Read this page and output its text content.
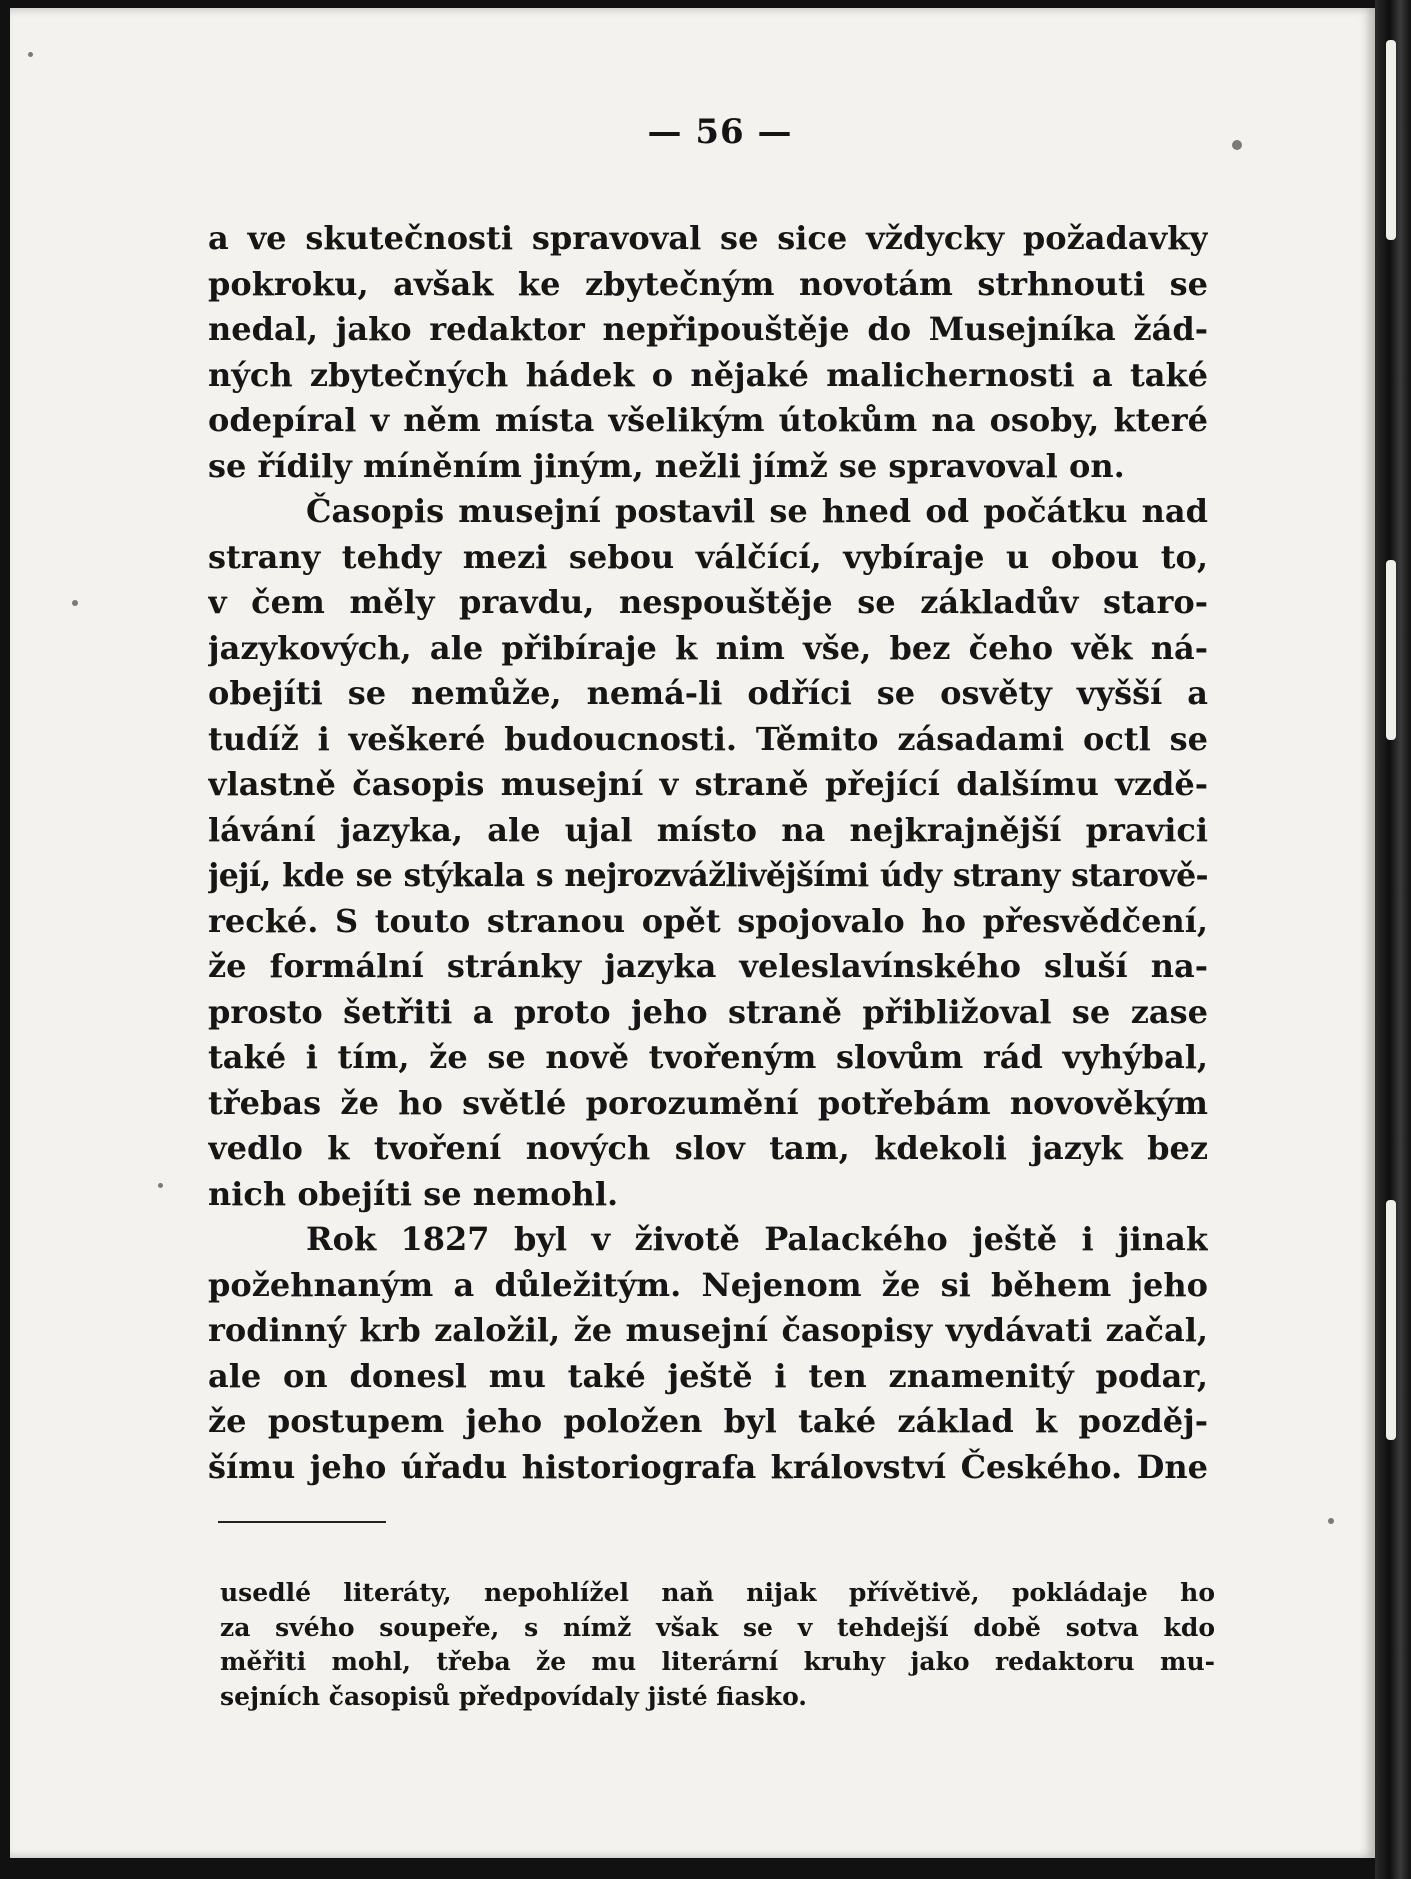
— 56 —
a ve skutečnosti spravoval se sice vždycky požadavky
pokroku, avšak ke zbytečným novotám strhnouti se
nedal, jako redaktor nepřipouštěje do Musejníka žád-
ných zbytečných hádek o nějaké malichernosti a také
odepíral v něm místa všelikým útokům na osoby, které
se řídily míněním jiným, nežli jímž se spravoval on.
Časopis musejní postavil se hned od počátku nad
strany tehdy mezi sebou válčící, vybíraje u obou to,
v čem měly pravdu, nespouštěje se základův staro-
jazykových, ale přibíraje k nim vše, bez čeho věk ná-
obejíti se nemůže, nemá-li odříci se osvěty vyšší a
tudíž i veškeré budoucnosti. Těmito zásadami octl se
vlastně časopis musejní v straně přející dalšímu vzdě-
lávání jazyka, ale ujal místo na nejkrajnější pravici
její, kde se stýkala s nejrozvážlivějšími údy strany starově-
recké. S touto stranou opět spojovalo ho přesvědčení,
že formální stránky jazyka veleslavínského sluší na-
prosto šetřiti a proto jeho straně přibližoval se zase
také i tím, že se nově tvořeným slovům rád vyhýbal,
třebas že ho světlé porozumění potřebám novověkým
vedlo k tvoření nových slov tam, kdekoli jazyk bez
nich obejíti se nemohl.
Rok 1827 byl v životě Palackého ještě i jinak
požehnaným a důležitým. Nejenom že si během jeho
rodinný krb založil, že musejní časopisy vydávati začal,
ale on donesl mu také ještě i ten znamenitý podar,
že postupem jeho položen byl také základ k pozděj-
šímu jeho úřadu historiografa království Českého. Dne
usedlé literáty, nepohlížel naň nijak přívětivě, pokládaje ho
za svého soupeře, s nímž však se v tehdejší době sotva kdo
měřiti mohl, třeba že mu literární kruhy jako redaktoru mu-
sejních časopisů předpovídaly jisté fiasko.
